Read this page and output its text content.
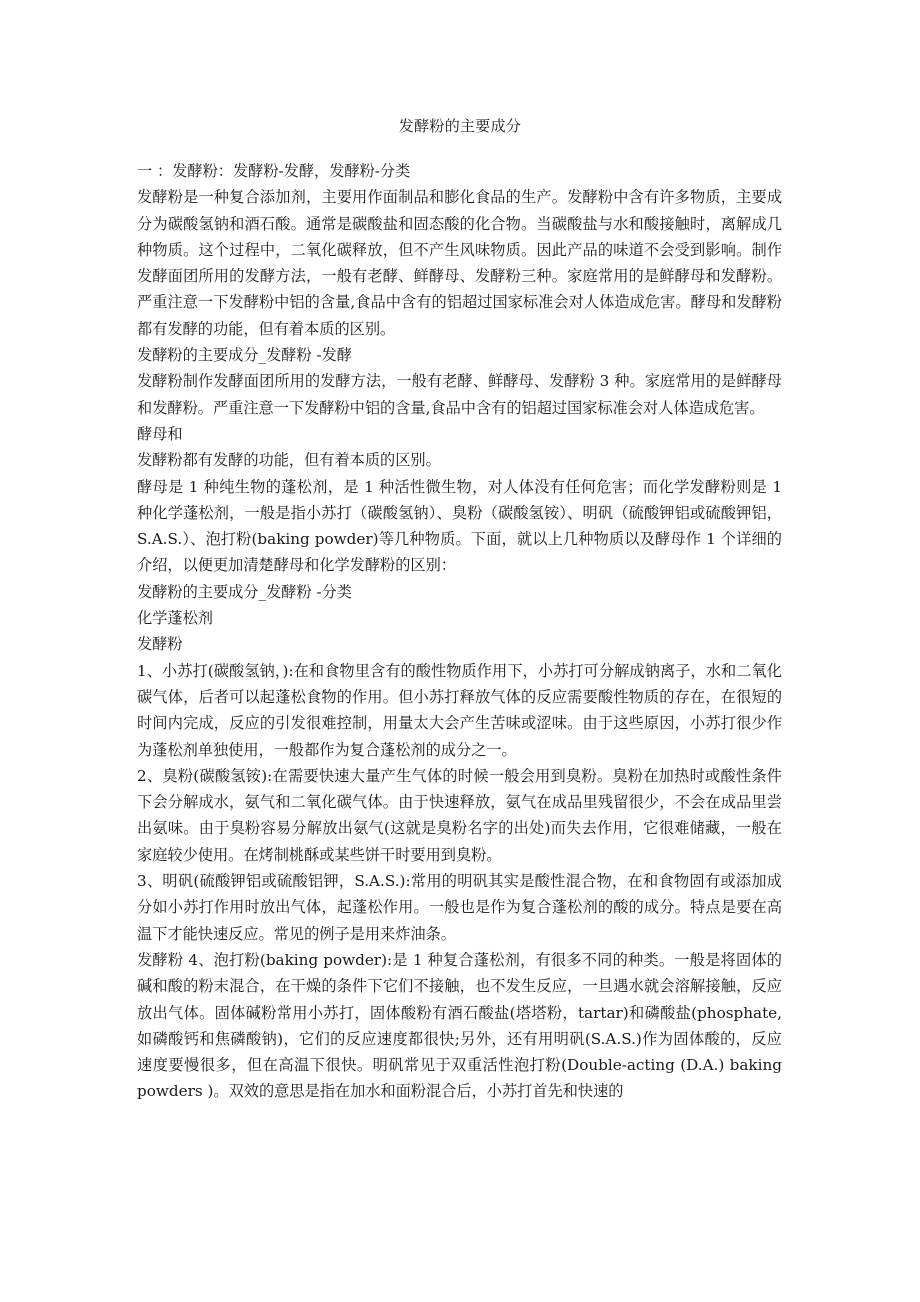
发酵粉的主要成分

一 ：发酵粉：发酵粉-发酵，发酵粉-分类

发酵粉是一种复合添加剂，主要用作面制品和膨化食品的生产。发酵粉中含有许多物质，主要成分为碳酸氢钠和酒石酸。通常是碳酸盐和固态酸的化合物。当碳酸盐与水和酸接触时，离解成几种物质。这个过程中，二氧化碳释放，但不产生风味物质。因此产品的味道不会受到影响。制作发酵面团所用的发酵方法，一般有老酵、鲜酵母、发酵粉三种。家庭常用的是鲜酵母和发酵粉。严重注意一下发酵粉中铝的含量,食品中含有的铝超过国家标准会对人体造成危害。酵母和发酵粉都有发酵的功能，但有着本质的区别。

发酵粉的主要成分_发酵粉 -发酵

发酵粉制作发酵面团所用的发酵方法，一般有老酵、鲜酵母、发酵粉 3 种。家庭常用的是鲜酵母和发酵粉。严重注意一下发酵粉中铝的含量,食品中含有的铝超过国家标准会对人体造成危害。

酵母和

发酵粉都有发酵的功能，但有着本质的区别。

酵母是 1 种纯生物的蓬松剂，是 1 种活性微生物，对人体没有任何危害；而化学发酵粉则是 1 种化学蓬松剂，一般是指小苏打（碳酸氢钠）、臭粉（碳酸氢铵）、明矾（硫酸钾铝或硫酸钾铝，S.A.S.）、泡打粉(baking powder)等几种物质。下面，就以上几种物质以及酵母作 1 个详细的介绍，以便更加清楚酵母和化学发酵粉的区别：

发酵粉的主要成分_发酵粉 -分类

化学蓬松剂

发酵粉

1、小苏打(碳酸氢钠，):在和食物里含有的酸性物质作用下，小苏打可分解成钠离子，水和二氧化碳气体，后者可以起蓬松食物的作用。但小苏打释放气体的反应需要酸性物质的存在，在很短的时间内完成，反应的引发很难控制，用量太大会产生苦味或涩味。由于这些原因，小苏打很少作为蓬松剂单独使用，一般都作为复合蓬松剂的成分之一。

2、臭粉(碳酸氢铵):在需要快速大量产生气体的时候一般会用到臭粉。臭粉在加热时或酸性条件下会分解成水，氨气和二氧化碳气体。由于快速释放，氨气在成品里残留很少，不会在成品里尝出氨味。由于臭粉容易分解放出氨气(这就是臭粉名字的出处)而失去作用，它很难储藏，一般在家庭较少使用。在烤制桃酥或某些饼干时要用到臭粉。

3、明矾(硫酸钾铝或硫酸铝钾，S.A.S.):常用的明矾其实是酸性混合物，在和食物固有或添加成分如小苏打作用时放出气体，起蓬松作用。一般也是作为复合蓬松剂的酸的成分。特点是要在高温下才能快速反应。常见的例子是用来炸油条。

发酵粉 4、泡打粉(baking powder):是 1 种复合蓬松剂，有很多不同的种类。一般是将固体的碱和酸的粉末混合，在干燥的条件下它们不接触，也不发生反应，一旦遇水就会溶解接触，反应放出气体。固体碱粉常用小苏打，固体酸粉有酒石酸盐(塔塔粉，tartar)和磷酸盐(phosphate, 如磷酸钙和焦磷酸钠)，它们的反应速度都很快;另外，还有用明矾(S.A.S.)作为固体酸的，反应速度要慢很多，但在高温下很快。明矾常见于双重活性泡打粉(Double-acting (D.A.) baking powders )。双效的意思是指在加水和面粉混合后，小苏打首先和快速的
